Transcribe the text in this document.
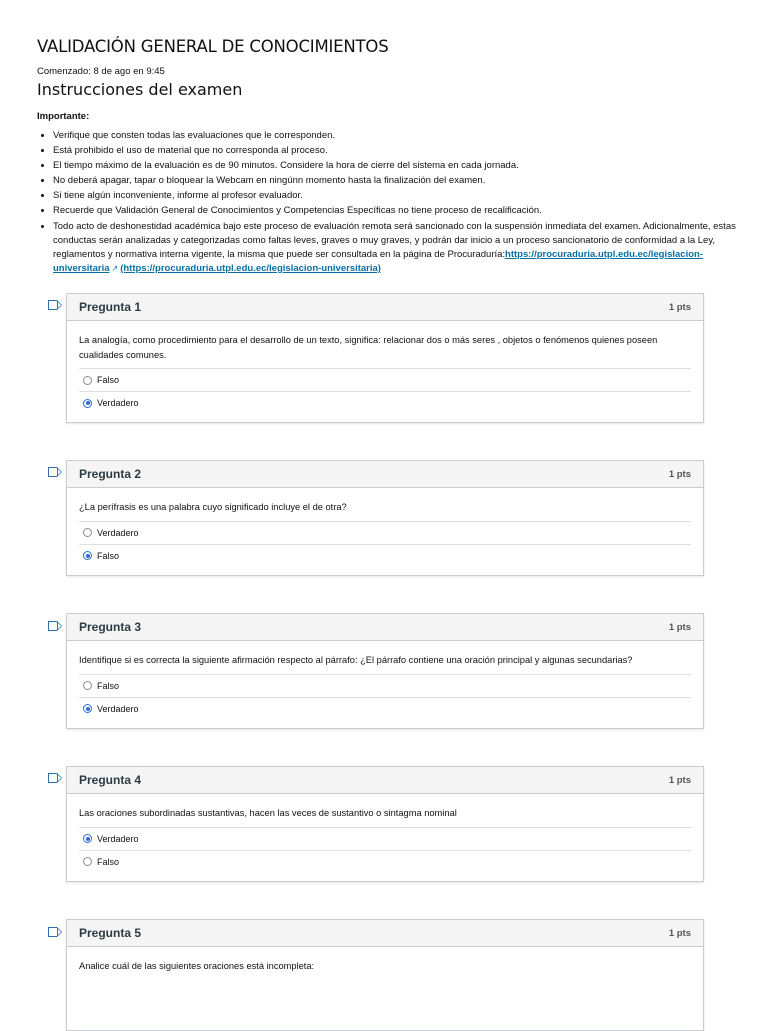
VALIDACIÓN GENERAL DE CONOCIMIENTOS
Comenzado: 8 de ago en 9:45
Instrucciones del examen
Importante:
• Verifique que consten todas las evaluaciones que le corresponden.
• Está prohibido el uso de material que no corresponda al proceso.
• El tiempo máximo de la evaluación es de 90 minutos. Considere la hora de cierre del sistema en cada jornada.
• No deberá apagar, tapar o bloquear la Webcam en ningúnn momento hasta la finalización del examen.
• Si tiene algún inconveniente, informe al profesor evaluador.
• Recuerde que Validación General de Conocimientos y Competencias Específicas no tiene proceso de recalificación.
• Todo acto de deshonestidad académica bajo este proceso de evaluación remota será sancionado con la suspensión inmediata del examen. Adicionalmente, estas conductas serán analizadas y categorizadas como faltas leves, graves o muy graves, y podrán dar inicio a un proceso sancionatorio de conformidad a la Ley, reglamentos y normativa interna vigente, la misma que puede ser consultada en la página de Procuraduría:https://procuraduria.utpl.edu.ec/legislacion-universitaria ↗ (https://procuraduria.utpl.edu.ec/legislacion-universitaria)
Pregunta 1	1 pts
La analogía, como procedimiento para el desarrollo de un texto, significa: relacionar dos o más seres , objetos o fenómenos quienes poseen cualidades comunes.
Falso
Verdadero
Pregunta 2	1 pts
¿La perífrasis es una palabra cuyo significado incluye el de otra?
Verdadero
Falso
Pregunta 3	1 pts
Identifique si es correcta la siguiente afirmación respecto al párrafo: ¿El párrafo contiene una oración principal y algunas secundarias?
Falso
Verdadero
Pregunta 4	1 pts
Las oraciones subordinadas sustantivas, hacen las veces de sustantivo o sintagma nominal
Verdadero
Falso
Pregunta 5	1 pts
Analice cuál de las siguientes oraciones está incompleta:
